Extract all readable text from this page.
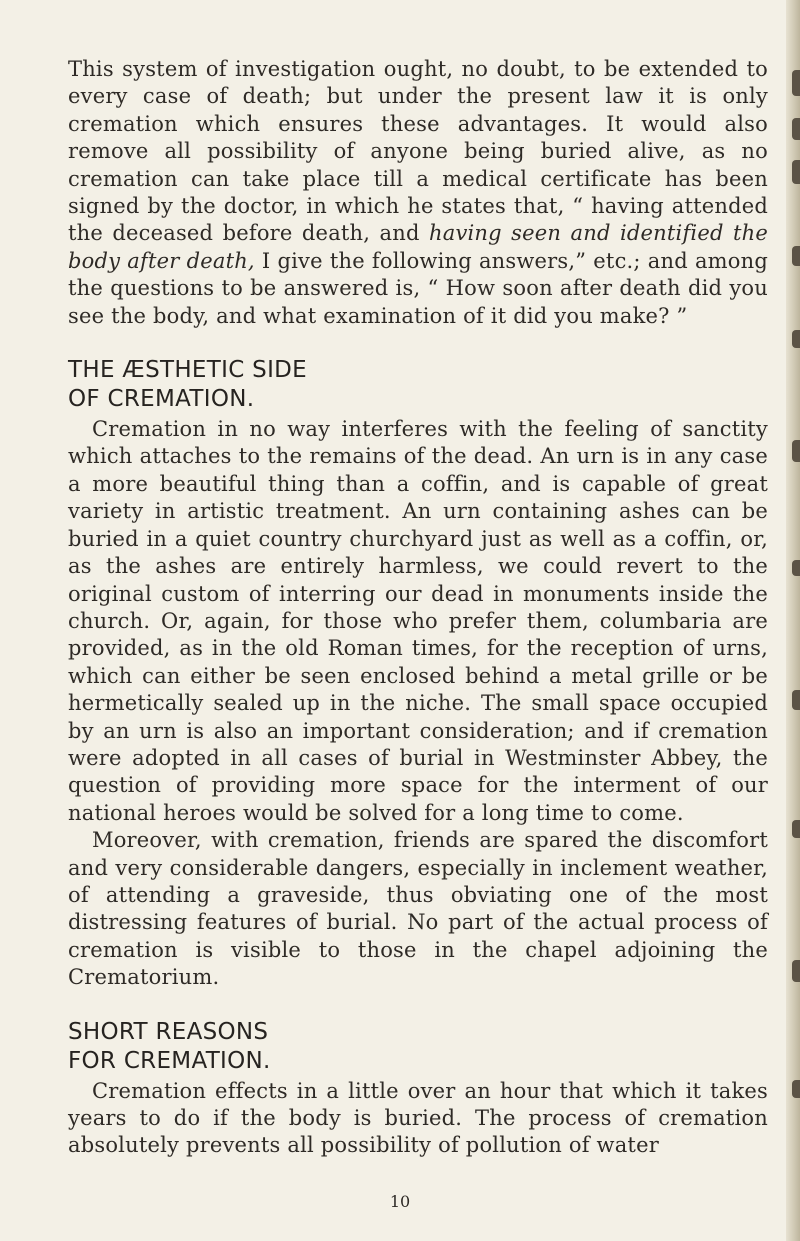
This system of investigation ought, no doubt, to be extended to every case of death; but under the present law it is only cremation which ensures these advantages. It would also remove all possibility of anyone being buried alive, as no cremation can take place till a medical certificate has been signed by the doctor, in which he states that, “ having attended the deceased before death, and having seen and identified the body after death, I give the following answers,” etc.; and among the questions to be answered is, “ How soon after death did you see the body, and what examination of it did you make? ”

THE ÆSTHETIC SIDE
OF CREMATION.

Cremation in no way interferes with the feeling of sanctity which attaches to the remains of the dead. An urn is in any case a more beautiful thing than a coffin, and is capable of great variety in artistic treatment. An urn containing ashes can be buried in a quiet country churchyard just as well as a coffin, or, as the ashes are entirely harmless, we could revert to the original custom of interring our dead in monuments inside the church. Or, again, for those who prefer them, columbaria are provided, as in the old Roman times, for the reception of urns, which can either be seen enclosed behind a metal grille or be hermetically sealed up in the niche. The small space occupied by an urn is also an important consideration; and if cremation were adopted in all cases of burial in Westminster Abbey, the question of providing more space for the interment of our national heroes would be solved for a long time to come.

Moreover, with cremation, friends are spared the discomfort and very considerable dangers, especially in inclement weather, of attending a graveside, thus obviating one of the most distressing features of burial. No part of the actual process of cremation is visible to those in the chapel adjoining the Crematorium.

SHORT REASONS
FOR CREMATION.

Cremation effects in a little over an hour that which it takes years to do if the body is buried. The process of cremation absolutely prevents all possibility of pollution of water

10
